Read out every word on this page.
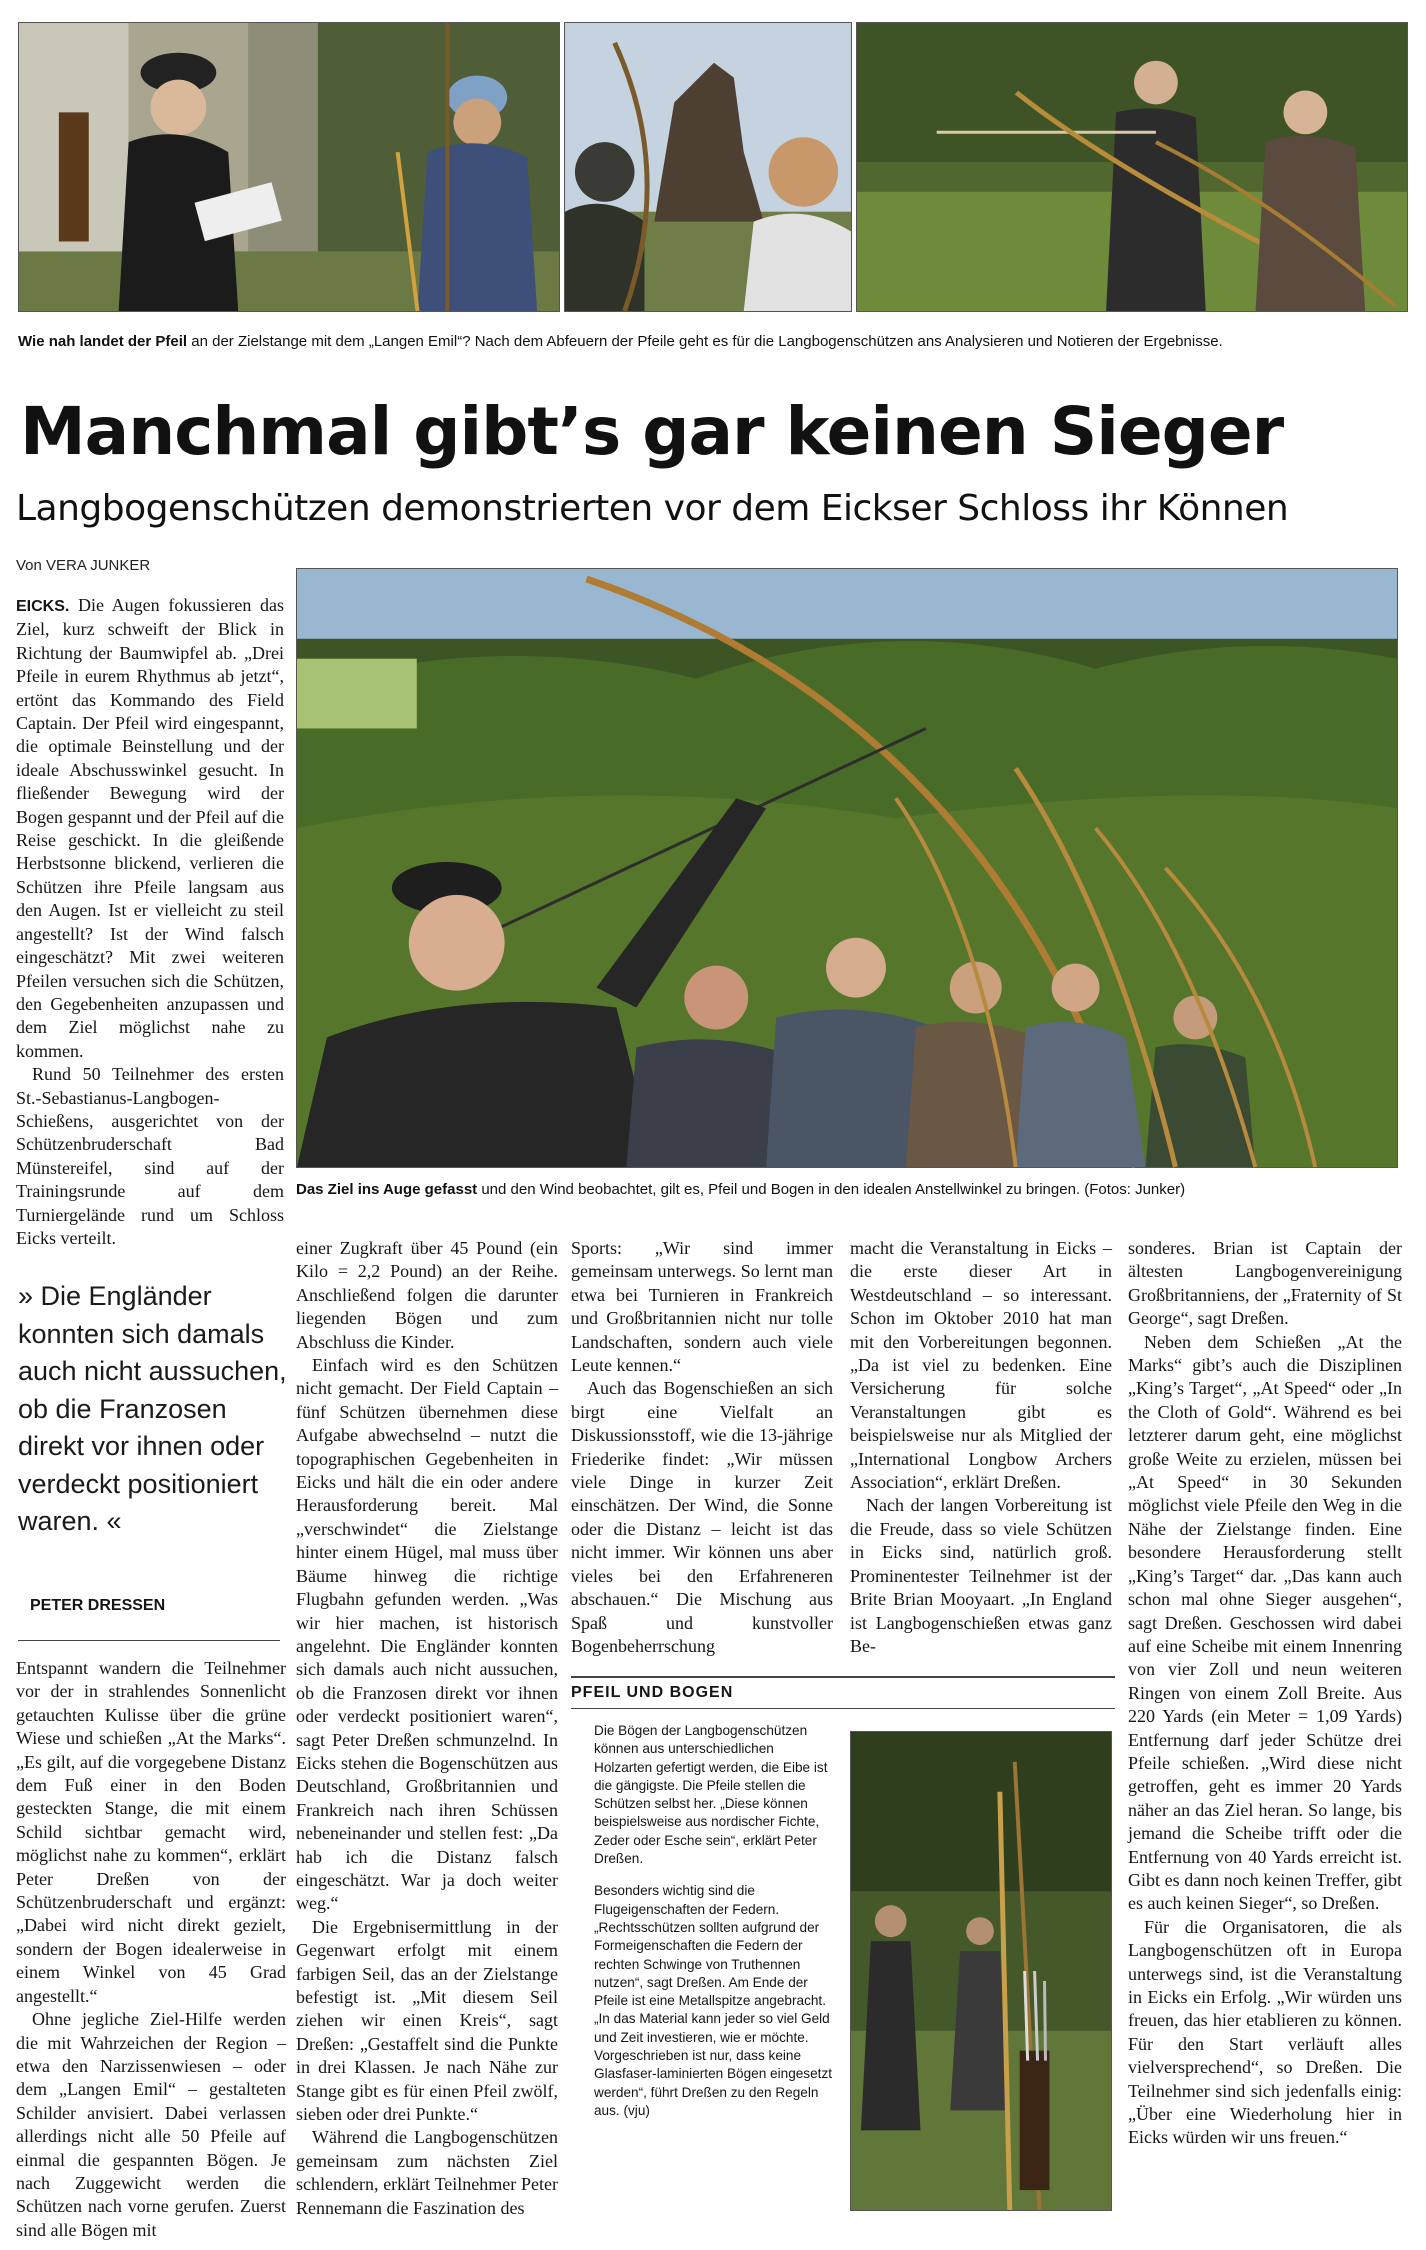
Wie nah landet der Pfeil an der Zielstange mit dem „Langen Emil“? Nach dem Abfeuern der Pfeile geht es für die Langbogenschützen ans Analysieren und Notieren der Ergebnisse.
Manchmal gibt’s gar keinen Sieger
Langbogenschützen demonstrierten vor dem Eickser Schloss ihr Können
Von VERA JUNKER
Das Ziel ins Auge gefasst und den Wind beobachtet, gilt es, Pfeil und Bogen in den idealen Anstellwinkel zu bringen. (Fotos: Junker)

EICKS. Die Augen fokussieren das Ziel, kurz schweift der Blick in Richtung der Baumwipfel ab. „Drei Pfeile in eurem Rhythmus ab jetzt“, ertönt das Kommando des Field Captain. Der Pfeil wird eingespannt, die optimale Beinstellung und der ideale Abschusswinkel gesucht. In fließender Bewegung wird der Bogen gespannt und der Pfeil auf die Reise geschickt. In die gleißende Herbstsonne blickend, verlieren die Schützen ihre Pfeile langsam aus den Augen. Ist er vielleicht zu steil angestellt? Ist der Wind falsch eingeschätzt? Mit zwei weiteren Pfeilen versuchen sich die Schützen, den Gegebenheiten anzupassen und dem Ziel möglichst nahe zu kommen.

Rund 50 Teilnehmer des ersten St.-Sebastianus-Langbogen-Schießens, ausgerichtet von der Schützenbruderschaft Bad Münstereifel, sind auf der Trainingsrunde auf dem Turniergelände rund um Schloss Eicks verteilt.

» Die Engländer konnten sich damals auch nicht aussuchen, ob die Franzosen direkt vor ihnen oder verdeckt positioniert waren. «
PETER DRESSEN

Entspannt wandern die Teilnehmer vor der in strahlendes Sonnenlicht getauchten Kulisse über die grüne Wiese und schießen „At the Marks“. „Es gilt, auf die vorgegebene Distanz dem Fuß einer in den Boden gesteckten Stange, die mit einem Schild sichtbar gemacht wird, möglichst nahe zu kommen“, erklärt Peter Dreßen von der Schützenbruderschaft und ergänzt: „Dabei wird nicht direkt gezielt, sondern der Bogen idealerweise in einem Winkel von 45 Grad angestellt.“

Ohne jegliche Ziel-Hilfe werden die mit Wahrzeichen der Region – etwa den Narzissenwiesen – oder dem „Langen Emil“ – gestalteten Schilder anvisiert. Dabei verlassen allerdings nicht alle 50 Pfeile auf einmal die gespannten Bögen. Je nach Zuggewicht werden die Schützen nach vorne gerufen. Zuerst sind alle Bögen mit

einer Zugkraft über 45 Pound (ein Kilo = 2,2 Pound) an der Reihe. Anschließend folgen die darunter liegenden Bögen und zum Abschluss die Kinder.

Einfach wird es den Schützen nicht gemacht. Der Field Captain – fünf Schützen übernehmen diese Aufgabe abwechselnd – nutzt die topographischen Gegebenheiten in Eicks und hält die ein oder andere Herausforderung bereit. Mal „verschwindet“ die Zielstange hinter einem Hügel, mal muss über Bäume hinweg die richtige Flugbahn gefunden werden. „Was wir hier machen, ist historisch angelehnt. Die Engländer konnten sich damals auch nicht aussuchen, ob die Franzosen direkt vor ihnen oder verdeckt positioniert waren“, sagt Peter Dreßen schmunzelnd. In Eicks stehen die Bogenschützen aus Deutschland, Großbritannien und Frankreich nach ihren Schüssen nebeneinander und stellen fest: „Da hab ich die Distanz falsch eingeschätzt. War ja doch weiter weg.“

Die Ergebnisermittlung in der Gegenwart erfolgt mit einem farbigen Seil, das an der Zielstange befestigt ist. „Mit diesem Seil ziehen wir einen Kreis“, sagt Dreßen: „Gestaffelt sind die Punkte in drei Klassen. Je nach Nähe zur Stange gibt es für einen Pfeil zwölf, sieben oder drei Punkte.“

Während die Langbogenschützen gemeinsam zum nächsten Ziel schlendern, erklärt Teilnehmer Peter Rennemann die Faszination des

Sports: „Wir sind immer gemeinsam unterwegs. So lernt man etwa bei Turnieren in Frankreich und Großbritannien nicht nur tolle Landschaften, sondern auch viele Leute kennen.“

Auch das Bogenschießen an sich birgt eine Vielfalt an Diskussionsstoff, wie die 13-jährige Friederike findet: „Wir müssen viele Dinge in kurzer Zeit einschätzen. Der Wind, die Sonne oder die Distanz – leicht ist das nicht immer. Wir können uns aber vieles bei den Erfahreneren abschauen.“ Die Mischung aus Spaß und kunstvoller Bogenbeherrschung

macht die Veranstaltung in Eicks – die erste dieser Art in Westdeutschland – so interessant. Schon im Oktober 2010 hat man mit den Vorbereitungen begonnen. „Da ist viel zu bedenken. Eine Versicherung für solche Veranstaltungen gibt es beispielsweise nur als Mitglied der „International Longbow Archers Association“, erklärt Dreßen.

Nach der langen Vorbereitung ist die Freude, dass so viele Schützen in Eicks sind, natürlich groß. Prominentester Teilnehmer ist der Brite Brian Mooyaart. „In England ist Langbogenschießen etwas ganz Be-

sonderes. Brian ist Captain der ältesten Langbogenvereinigung Großbritanniens, der „Fraternity of St George“, sagt Dreßen.

Neben dem Schießen „At the Marks“ gibt’s auch die Disziplinen „King’s Target“, „At Speed“ oder „In the Cloth of Gold“. Während es bei letzterer darum geht, eine möglichst große Weite zu erzielen, müssen bei „At Speed“ in 30 Sekunden möglichst viele Pfeile den Weg in die Nähe der Zielstange finden. Eine besondere Herausforderung stellt „King’s Target“ dar. „Das kann auch schon mal ohne Sieger ausgehen“, sagt Dreßen. Geschossen wird dabei auf eine Scheibe mit einem Innenring von vier Zoll und neun weiteren Ringen von einem Zoll Breite. Aus 220 Yards (ein Meter = 1,09 Yards) Entfernung darf jeder Schütze drei Pfeile schießen. „Wird diese nicht getroffen, geht es immer 20 Yards näher an das Ziel heran. So lange, bis jemand die Scheibe trifft oder die Entfernung von 40 Yards erreicht ist. Gibt es dann noch keinen Treffer, gibt es auch keinen Sieger“, so Dreßen.

Für die Organisatoren, die als Langbogenschützen oft in Europa unterwegs sind, ist die Veranstaltung in Eicks ein Erfolg. „Wir würden uns freuen, das hier etablieren zu können. Für den Start verläuft alles vielversprechend“, so Dreßen. Die Teilnehmer sind sich jedenfalls einig: „Über eine Wiederholung hier in Eicks würden wir uns freuen.“

PFEIL UND BOGEN

Die Bögen der Langbogenschützen können aus unterschiedlichen Holzarten gefertigt werden, die Eibe ist die gängigste. Die Pfeile stellen die Schützen selbst her. „Diese können beispielsweise aus nordischer Fichte, Zeder oder Esche sein“, erklärt Peter Dreßen.

Besonders wichtig sind die Flugeigenschaften der Federn. „Rechtsschützen sollten aufgrund der Formeigenschaften die Federn der rechten Schwinge von Truthennen nutzen“, sagt Dreßen. Am Ende der Pfeile ist eine Metallspitze angebracht. „In das Material kann jeder so viel Geld und Zeit investieren, wie er möchte. Vorgeschrieben ist nur, dass keine Glasfaser-laminierten Bögen eingesetzt werden“, führt Dreßen zu den Regeln aus. (vju)
